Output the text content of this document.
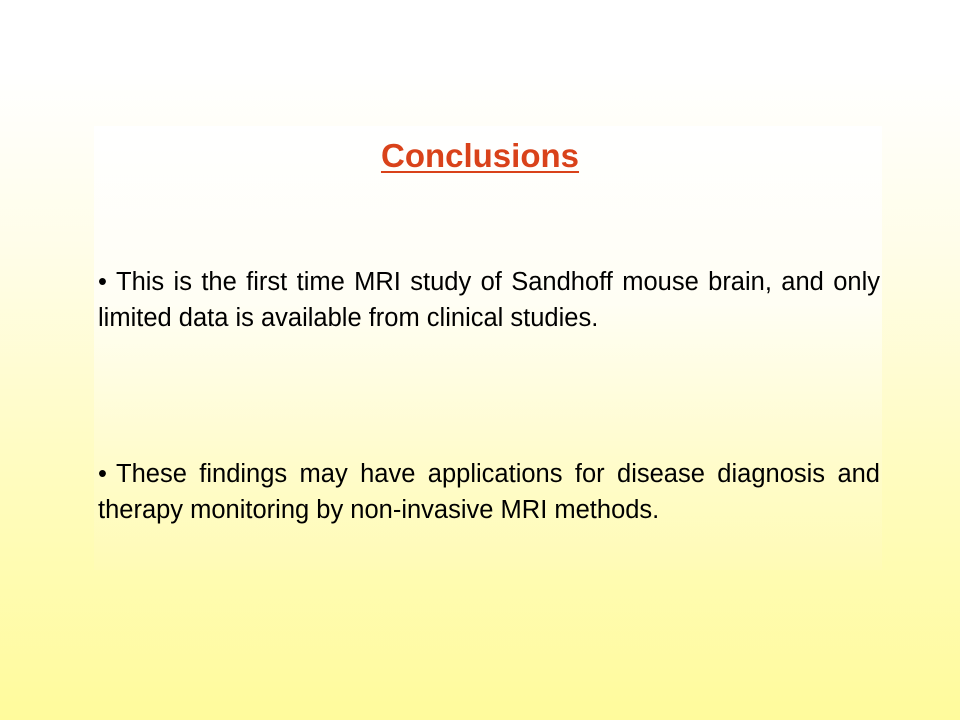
Conclusions

• This is the first time MRI study of Sandhoff mouse brain, and only limited data is available from clinical studies.

• These findings may have applications for disease diagnosis and therapy monitoring by non-invasive MRI methods.
